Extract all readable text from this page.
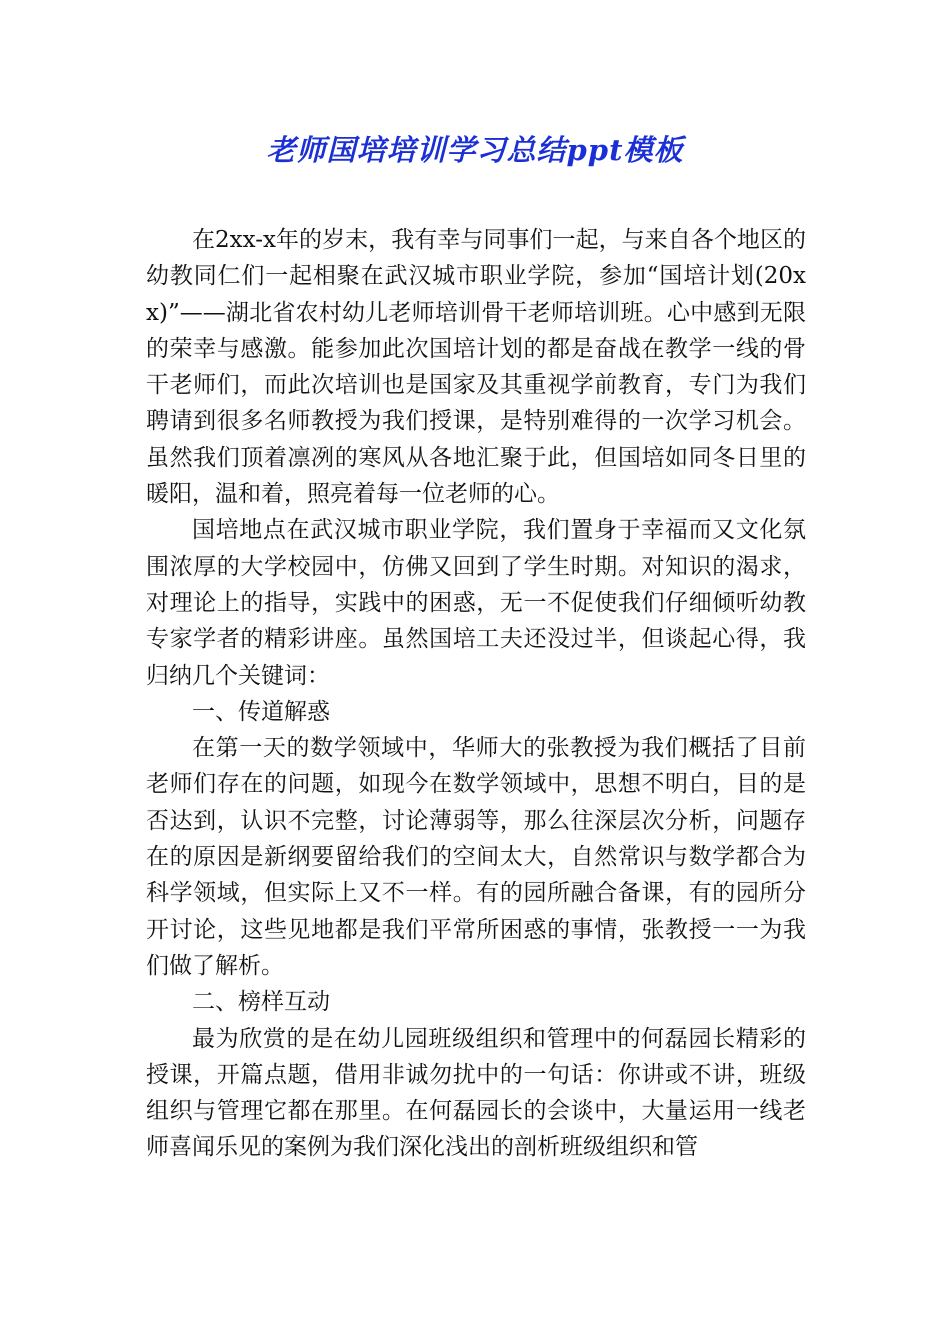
老师国培培训学习总结ppt模板

在2xx-x年的岁末，我有幸与同事们一起，与来自各个地区的幼教同仁们一起相聚在武汉城市职业学院，参加“国培计划(20xx)”——湖北省农村幼儿老师培训骨干老师培训班。心中感到无限的荣幸与感激。能参加此次国培计划的都是奋战在教学一线的骨干老师们，而此次培训也是国家及其重视学前教育，专门为我们聘请到很多名师教授为我们授课，是特别难得的一次学习机会。虽然我们顶着凛冽的寒风从各地汇聚于此，但国培如同冬日里的暖阳，温和着，照亮着每一位老师的心。

国培地点在武汉城市职业学院，我们置身于幸福而又文化氛围浓厚的大学校园中，仿佛又回到了学生时期。对知识的渴求，对理论上的指导，实践中的困惑，无一不促使我们仔细倾听幼教专家学者的精彩讲座。虽然国培工夫还没过半，但谈起心得，我归纳几个关键词：

一、传道解惑

在第一天的数学领域中，华师大的张教授为我们概括了目前老师们存在的问题，如现今在数学领域中，思想不明白，目的是否达到，认识不完整，讨论薄弱等，那么往深层次分析，问题存在的原因是新纲要留给我们的空间太大，自然常识与数学都合为科学领域，但实际上又不一样。有的园所融合备课，有的园所分开讨论，这些见地都是我们平常所困惑的事情，张教授一一为我们做了解析。

二、榜样互动

最为欣赏的是在幼儿园班级组织和管理中的何磊园长精彩的授课，开篇点题，借用非诚勿扰中的一句话：你讲或不讲，班级组织与管理它都在那里。在何磊园长的会谈中，大量运用一线老师喜闻乐见的案例为我们深化浅出的剖析班级组织和管
